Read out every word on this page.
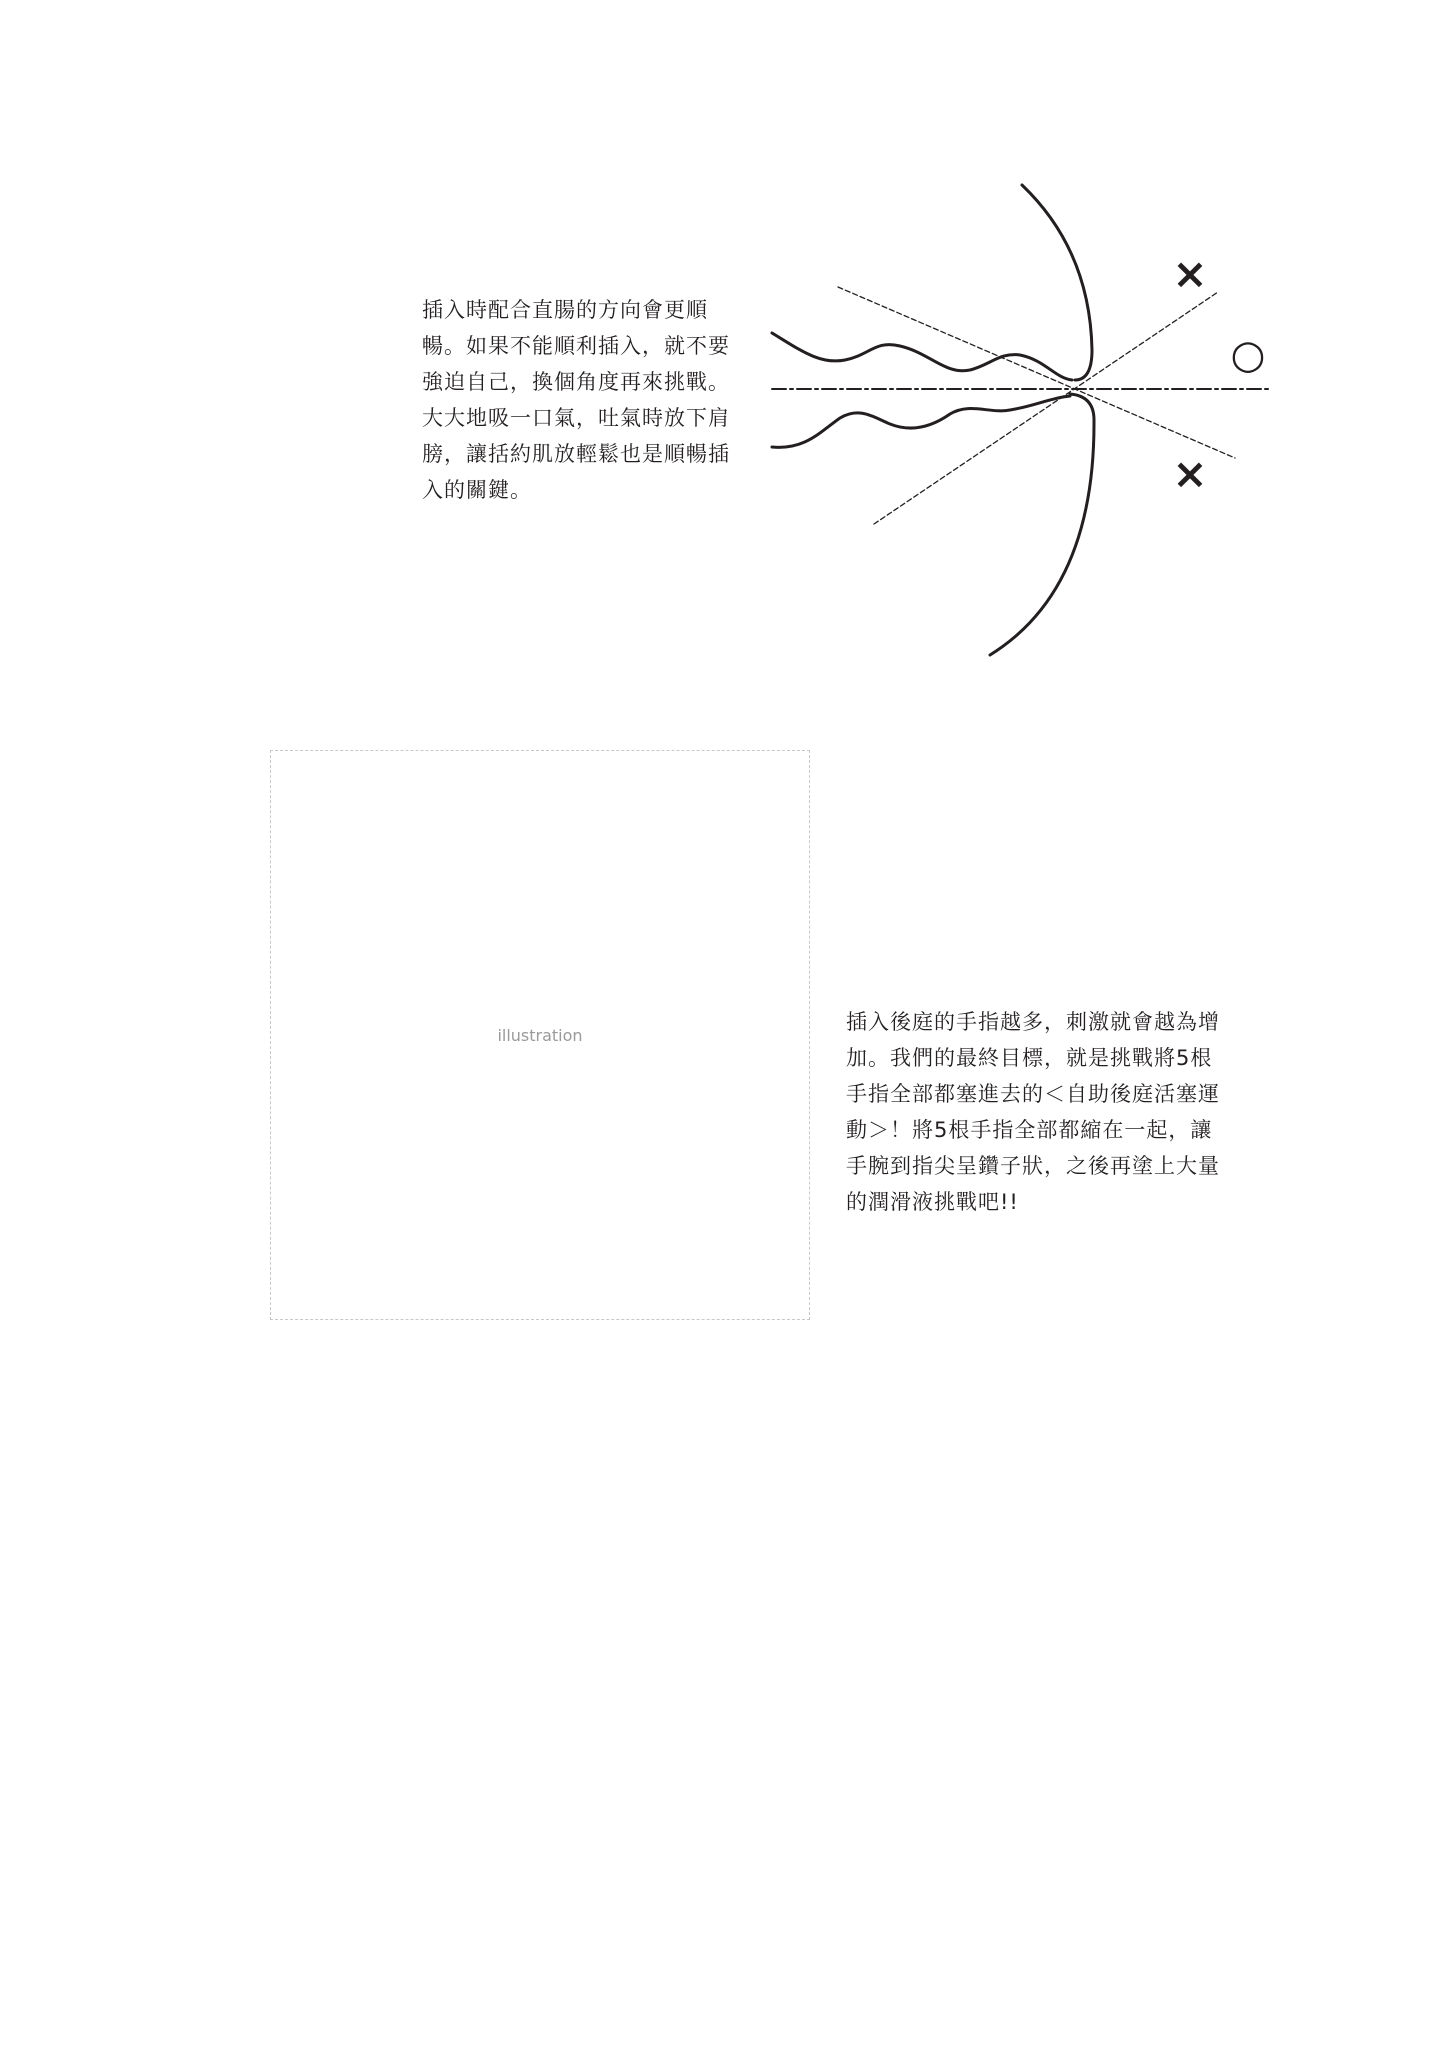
插入時配合直腸的方向會更順

暢。如果不能順利插入，就不要

強迫自己，換個角度再來挑戰。

大大地吸一口氣，吐氣時放下肩

膀，讓括約肌放輕鬆也是順暢插

入的關鍵。

×
○
×
illustration

插入後庭的手指越多，刺激就會越為增

加。我們的最終目標，就是挑戰將5根

手指全部都塞進去的＜自助後庭活塞運

動＞！將5根手指全部都縮在一起，讓

手腕到指尖呈鑽子狀，之後再塗上大量

的潤滑液挑戰吧!!
